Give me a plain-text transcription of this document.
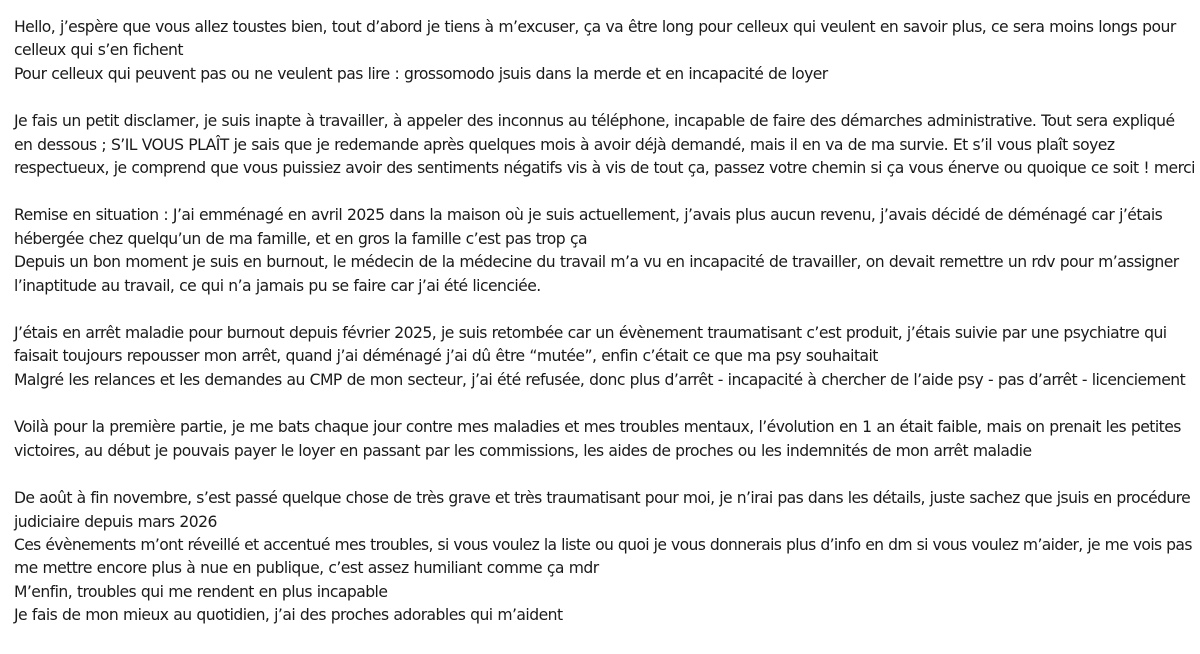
Hello, j’espère que vous allez toustes bien, tout d’abord je tiens à m’excuser, ça va être long pour celleux qui veulent en savoir plus, ce sera moins longs pour
celleux qui s’en fichent
Pour celleux qui peuvent pas ou ne veulent pas lire : grossomodo jsuis dans la merde et en incapacité de loyer
Je fais un petit disclamer, je suis inapte à travailler, à appeler des inconnus au téléphone, incapable de faire des démarches administrative. Tout sera expliqué
en dessous ; S’IL VOUS PLAÎT je sais que je redemande après quelques mois à avoir déjà demandé, mais il en va de ma survie. Et s’il vous plaît soyez
respectueux, je comprend que vous puissiez avoir des sentiments négatifs vis à vis de tout ça, passez votre chemin si ça vous énerve ou quoique ce soit ! merci
Remise en situation : J’ai emménagé en avril 2025 dans la maison où je suis actuellement, j’avais plus aucun revenu, j’avais décidé de déménagé car j’étais
hébergée chez quelqu’un de ma famille, et en gros la famille c’est pas trop ça
Depuis un bon moment je suis en burnout, le médecin de la médecine du travail m’a vu en incapacité de travailler, on devait remettre un rdv pour m’assigner
l’inaptitude au travail, ce qui n’a jamais pu se faire car j’ai été licenciée.
J’étais en arrêt maladie pour burnout depuis février 2025, je suis retombée car un évènement traumatisant c’est produit, j’étais suivie par une psychiatre qui
faisait toujours repousser mon arrêt, quand j’ai déménagé j’ai dû être “mutée”, enfin c’était ce que ma psy souhaitait
Malgré les relances et les demandes au CMP de mon secteur, j’ai été refusée, donc plus d’arrêt - incapacité à chercher de l’aide psy - pas d’arrêt - licenciement
Voilà pour la première partie, je me bats chaque jour contre mes maladies et mes troubles mentaux, l’évolution en 1 an était faible, mais on prenait les petites
victoires, au début je pouvais payer le loyer en passant par les commissions, les aides de proches ou les indemnités de mon arrêt maladie
De août à fin novembre, s’est passé quelque chose de très grave et très traumatisant pour moi, je n’irai pas dans les détails, juste sachez que jsuis en procédure
judiciaire depuis mars 2026
Ces évènements m’ont réveillé et accentué mes troubles, si vous voulez la liste ou quoi je vous donnerais plus d’info en dm si vous voulez m’aider, je me vois pas
me mettre encore plus à nue en publique, c’est assez humiliant comme ça mdr
M’enfin, troubles qui me rendent en plus incapable
Je fais de mon mieux au quotidien, j’ai des proches adorables qui m’aident
